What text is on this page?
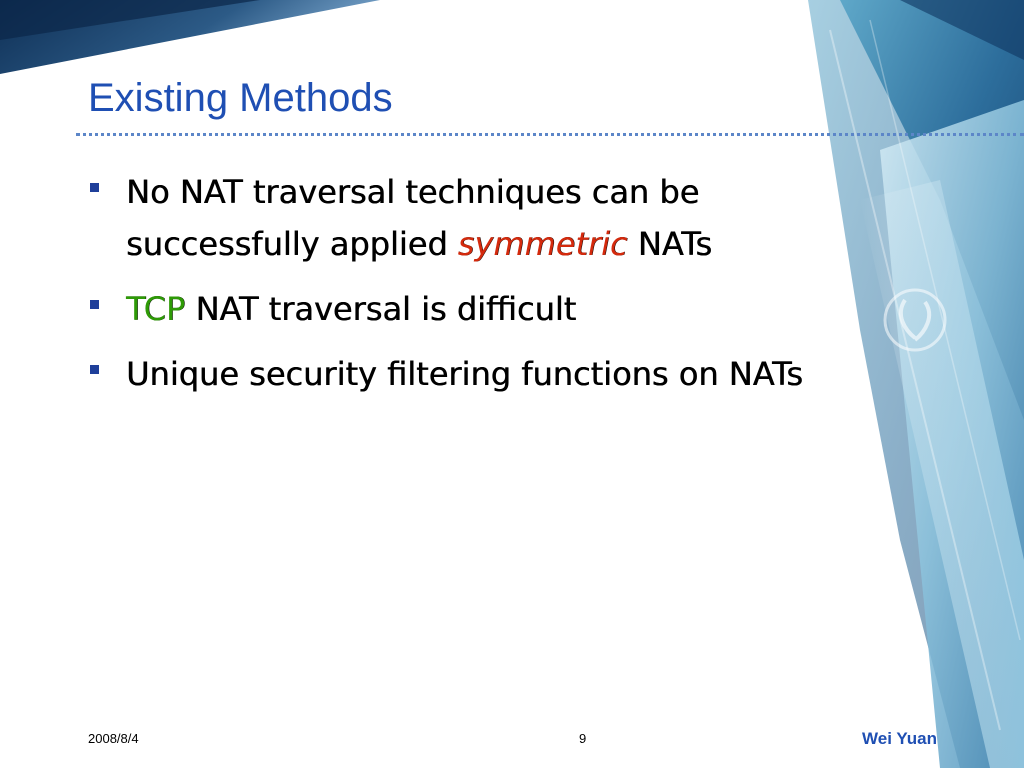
Existing Methods
No NAT traversal techniques can be successfully applied symmetric NATs
TCP NAT traversal is difficult
Unique security filtering functions on NATs
2008/8/4	9	Wei Yuan
